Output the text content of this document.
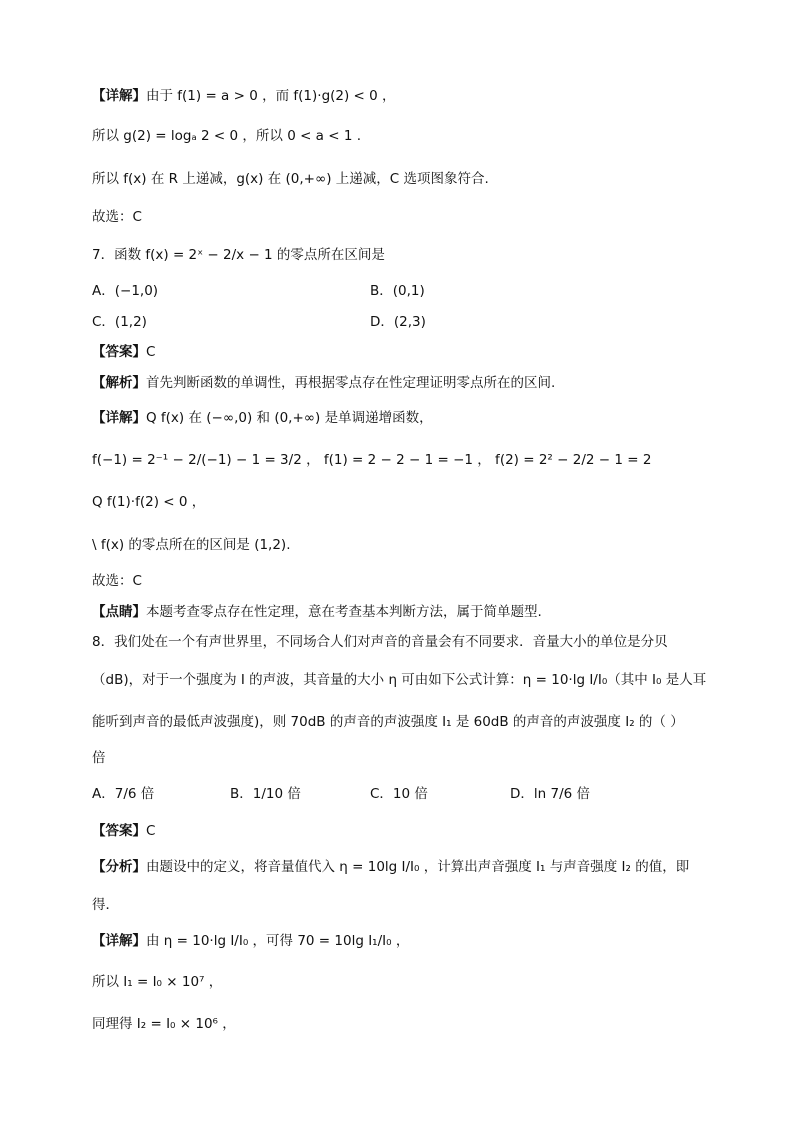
【详解】由于 f(1) = a > 0 ，而 f(1)·g(2) < 0 ，
所以 g(2) = logₐ 2 < 0 ，所以 0 < a < 1 .
所以 f(x) 在 R 上递减，g(x) 在 (0,+∞) 上递减，C 选项图象符合.
故选：C
7．函数 f(x) = 2ˣ − 2/x − 1 的零点所在区间是
A．(−1,0)	B．(0,1)
C．(1,2)	D．(2,3)
【答案】C
【解析】首先判断函数的单调性，再根据零点存在性定理证明零点所在的区间.
【详解】Q f(x) 在 (−∞,0) 和 (0,+∞) 是单调递增函数，
f(−1) = 2⁻¹ − 2/(−1) − 1 = 3/2 ， f(1) = 2 − 2 − 1 = −1 ， f(2) = 2² − 2/2 − 1 = 2
Q f(1)·f(2) < 0 ，
\ f(x) 的零点所在的区间是 (1,2).
故选：C
【点睛】本题考查零点存在性定理，意在考查基本判断方法，属于简单题型.
8．我们处在一个有声世界里，不同场合人们对声音的音量会有不同要求．音量大小的单位是分贝
（dB)，对于一个强度为 I 的声波，其音量的大小 η 可由如下公式计算：η = 10·lg I/I₀（其中 I₀ 是人耳
能听到声音的最低声波强度)，则 70dB 的声音的声波强度 I₁ 是 60dB 的声音的声波强度 I₂ 的（ ）
倍
A．7/6 倍	B．1/10 倍	C．10 倍	D．ln 7/6 倍
【答案】C
【分析】由题设中的定义，将音量值代入 η = 10lg I/I₀ ，计算出声音强度 I₁ 与声音强度 I₂ 的值，即
得．
【详解】由 η = 10·lg I/I₀ ，可得 70 = 10lg I₁/I₀ ，
所以 I₁ = I₀ × 10⁷ ，
同理得 I₂ = I₀ × 10⁶ ，
